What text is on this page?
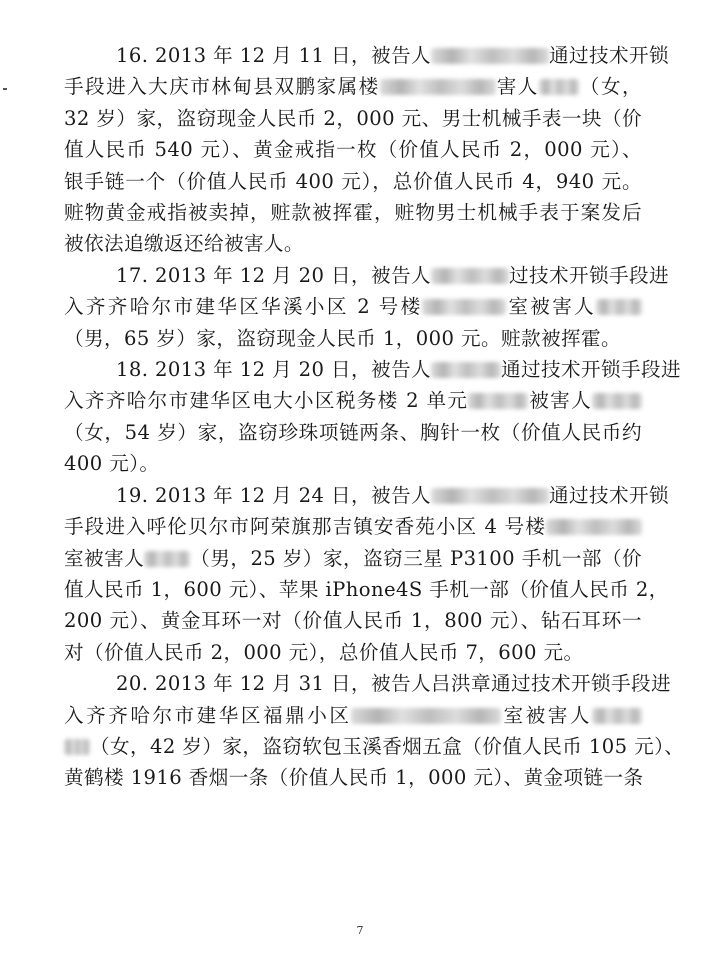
16. 2013 年 12 月 11 日，被告人	通过技术开锁

手段进入大庆市林甸县双鹏家属楼	害人 （女，

32 岁）家，盗窃现金人民币 2，000 元、男士机械手表一块（价

值人民币 540 元）、黄金戒指一枚（价值人民币 2，000 元）、

银手链一个（价值人民币 400 元），总价值人民币 4，940 元。

赃物黄金戒指被卖掉，赃款被挥霍，赃物男士机械手表于案发后

被依法追缴返还给被害人。

17. 2013 年 12 月 20 日，被告人	过技术开锁手段进

入齐齐哈尔市建华区华溪小区 2 号楼	室被害人

（男，65 岁）家，盗窃现金人民币 1，000 元。赃款被挥霍。

18. 2013 年 12 月 20 日，被告人	通过技术开锁手段进

入齐齐哈尔市建华区电大小区税务楼 2 单元	被害人

（女，54 岁）家，盗窃珍珠项链两条、胸针一枚（价值人民币约

400 元）。

19. 2013 年 12 月 24 日，被告人	通过技术开锁

手段进入呼伦贝尔市阿荣旗那吉镇安香苑小区 4 号楼

室被害人 （男，25 岁）家，盗窃三星 P3100 手机一部（价

值人民币 1，600 元）、苹果 iPhone4S 手机一部（价值人民币 2，

200 元）、黄金耳环一对（价值人民币 1，800 元）、钻石耳环一

对（价值人民币 2，000 元），总价值人民币 7，600 元。

20. 2013 年 12 月 31 日，被告人吕洪章通过技术开锁手段进

入齐齐哈尔市建华区福鼎小区	室被害人

（女，42 岁）家，盗窃软包玉溪香烟五盒（价值人民币 105 元）、

黄鹤楼 1916 香烟一条（价值人民币 1，000 元）、黄金项链一条

7
